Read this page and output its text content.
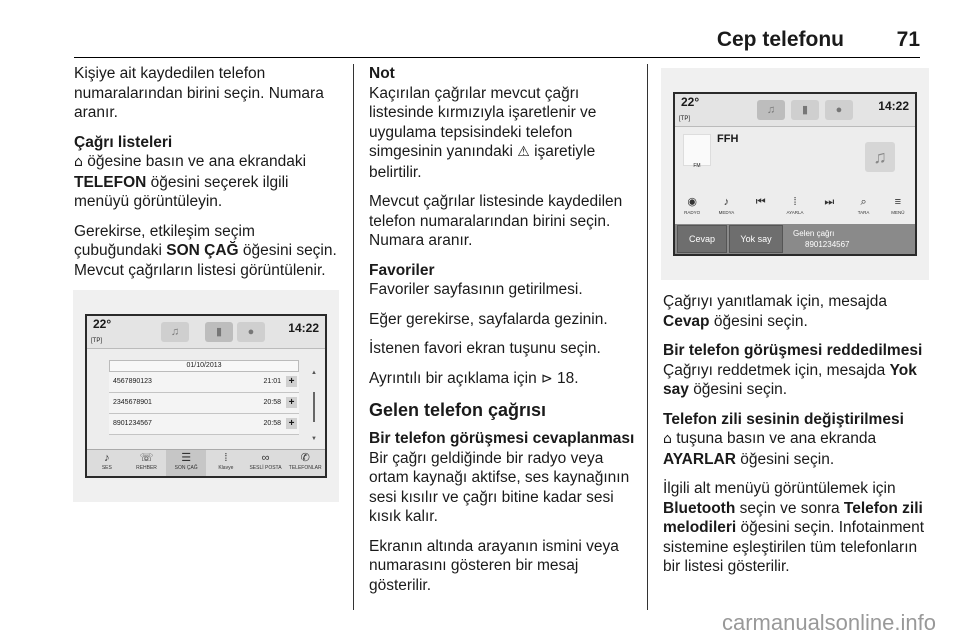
Cep telefonu	71

Kişiye ait kaydedilen telefon numaralarından birini seçin. Numara aranır.

Çağrı listeleri

⌂ öğesine basın ve ana ekrandaki TELEFON öğesini seçerek ilgili menüyü görüntüleyin.

Gerekirse, etkileşim seçim çubuğundaki SON ÇAĞ öğesini seçin. Mevcut çağrıların listesi görüntülenir.

22°
[TP]
♫	▮	●	14:22
01/10/2013
4567890123	21:01 +
2345678901	20:58 +
8901234567	20:58 +
▲
▼
♪
SES
☏
REHBER
☰
SON ÇAĞ
⁞
Klavye
∞
SESLİ POSTA
✆
TELEFONLAR

Not

Kaçırılan çağrılar mevcut çağrı listesinde kırmızıyla işaretlenir ve uygulama tepsisindeki telefon simgesinin yanındaki ⚠ işaretiyle belirtilir.

Mevcut çağrılar listesinde kaydedilen telefon numaralarından birini seçin. Numara aranır.

Favoriler

Favoriler sayfasının getirilmesi.

Eğer gerekirse, sayfalarda gezinin.

İstenen favori ekran tuşunu seçin.

Ayrıntılı bir açıklama için ⊳ 18.

Gelen telefon çağrısı

Bir telefon görüşmesi cevaplanması

Bir çağrı geldiğinde bir radyo veya ortam kaynağı aktifse, ses kaynağının sesi kısılır ve çağrı bitine kadar sesi kısık kalır.

Ekranın altında arayanın ismini veya numarasını gösteren bir mesaj gösterilir.

22°
[TP]
♫	▮	●	14:22
FM
FFH
♫
◉
RADYO
♪
MEDYA
⏮	⁞
AYARLA
⏭	⌕
TARA
≡
MENÜ
Cevap	Yok say
Gelen çağrı
8901234567

Çağrıyı yanıtlamak için, mesajda Cevap öğesini seçin.

Bir telefon görüşmesi reddedilmesi

Çağrıyı reddetmek için, mesajda Yok say öğesini seçin.

Telefon zili sesinin değiştirilmesi

⌂ tuşuna basın ve ana ekranda AYARLAR öğesini seçin.

İlgili alt menüyü görüntülemek için Bluetooth seçin ve sonra Telefon zili melodileri öğesini seçin. Infotainment sistemine eşleştirilen tüm telefonların bir listesi gösterilir.

carmanualsonline.info
